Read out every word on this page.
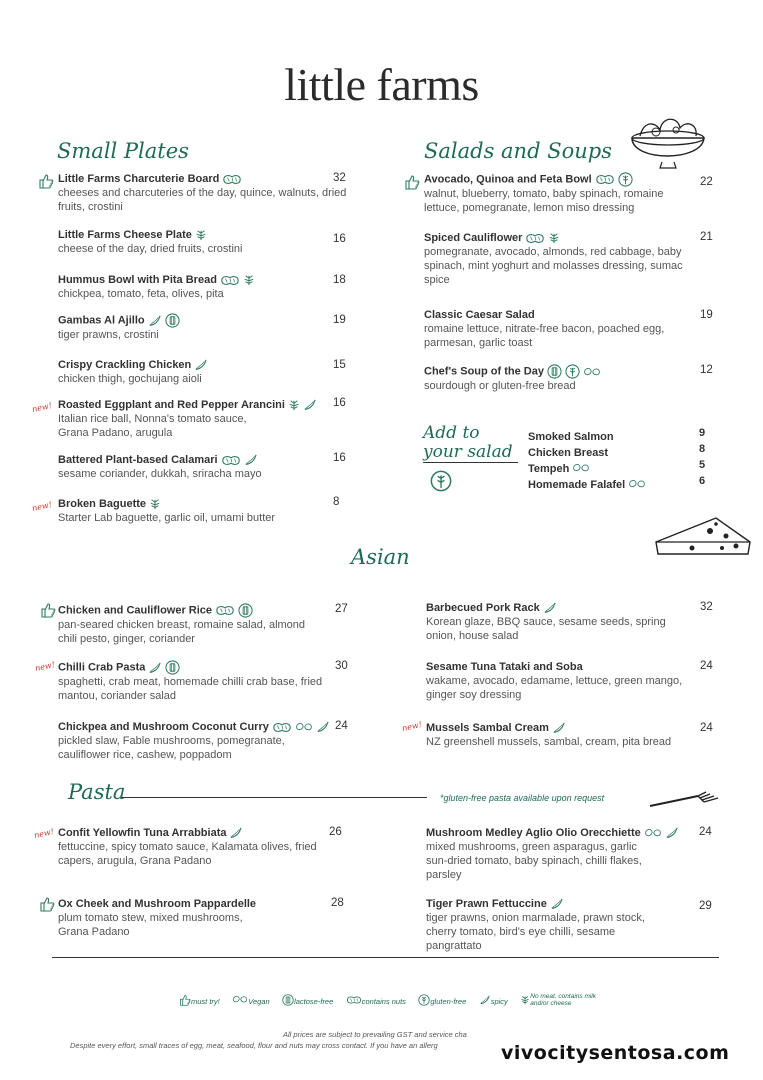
little farms
Small Plates
Little Farms Charcuterie Board
cheeses and charcuteries of the day, quince, walnuts, dried fruits, crostini
32
Little Farms Cheese Plate
cheese of the day, dried fruits, crostini
16
Hummus Bowl with Pita Bread
chickpea, tomato, feta, olives, pita
18
Gambas Al Ajillo
tiger prawns, crostini
19
Crispy Crackling Chicken
chicken thigh, gochujang aioli
15
new! Roasted Eggplant and Red Pepper Arancini
Italian rice ball, Nonna's tomato sauce, Grana Padano, arugula
16
Battered Plant-based Calamari
sesame coriander, dukkah, sriracha mayo
16
new! Broken Baguette
Starter Lab baguette, garlic oil, umami butter
8
Salads and Soups
Avocado, Quinoa and Feta Bowl
walnut, blueberry, tomato, baby spinach, romaine lettuce, pomegranate, lemon miso dressing
22
Spiced Cauliflower
pomegranate, avocado, almonds, red cabbage, baby spinach, mint yoghurt and molasses dressing, sumac spice
21
Classic Caesar Salad
romaine lettuce, nitrate-free bacon, poached egg, parmesan, garlic toast
19
Chef's Soup of the Day
sourdough or gluten-free bread
12
Add to your salad
Smoked Salmon	9
Chicken Breast	8
Tempeh	5
Homemade Falafel	6
Asian
Chicken and Cauliflower Rice
pan-seared chicken breast, romaine salad, almond chili pesto, ginger, coriander
27
new! Chilli Crab Pasta
spaghetti, crab meat, homemade chilli crab base, fried mantou, coriander salad
30
Chickpea and Mushroom Coconut Curry
pickled slaw, Fable mushrooms, pomegranate, cauliflower rice, cashew, poppadom
24
Barbecued Pork Rack
Korean glaze, BBQ sauce, sesame seeds, spring onion, house salad
32
Sesame Tuna Tataki and Soba
wakame, avocado, edamame, lettuce, green mango, ginger soy dressing
24
new! Mussels Sambal Cream
NZ greenshell mussels, sambal, cream, pita bread
24
Pasta	*gluten-free pasta available upon request
new! Confit Yellowfin Tuna Arrabbiata
fettuccine, spicy tomato sauce, Kalamata olives, fried capers, arugula, Grana Padano
26
Ox Cheek and Mushroom Pappardelle
plum tomato stew, mixed mushrooms, Grana Padano
28
Mushroom Medley Aglio Olio Orecchiette
mixed mushrooms, green asparagus, garlic sun-dried tomato, baby spinach, chilli flakes, parsley
24
Tiger Prawn Fettuccine
tiger prawns, onion marmalade, prawn stock, cherry tomato, bird's eye chilli, sesame pangrattato
29
must try!	Vegan	lactose-free	contains nuts	gluten-free	spicy No meat, contains milk and/or cheese
All prices are subject to prevailing GST and service cha
Despite every effort, small traces of egg, meat, seafood, flour and nuts may cross contact. If you have an allerg	vivocitysentosa.com
